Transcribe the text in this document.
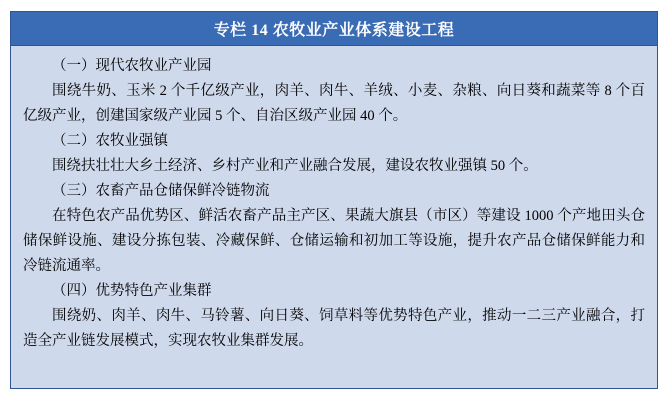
专栏 14 农牧业产业体系建设工程

（一）现代农牧业产业园

围绕牛奶、玉米 2 个千亿级产业，肉羊、肉牛、羊绒、小麦、杂粮、向日葵和蔬菜等 8 个百亿级产业，创建国家级产业园 5 个、自治区级产业园 40 个。

（二）农牧业强镇

围绕扶壮壮大乡土经济、乡村产业和产业融合发展，建设农牧业强镇 50 个。

（三）农畜产品仓储保鲜冷链物流

在特色农产品优势区、鲜活农畜产品主产区、果蔬大旗县（市区）等建设 1000 个产地田头仓储保鲜设施、建设分拣包装、冷藏保鲜、仓储运输和初加工等设施，提升农产品仓储保鲜能力和冷链流通率。

（四）优势特色产业集群

围绕奶、肉羊、肉牛、马铃薯、向日葵、饲草料等优势特色产业，推动一二三产业融合，打造全产业链发展模式，实现农牧业集群发展。
